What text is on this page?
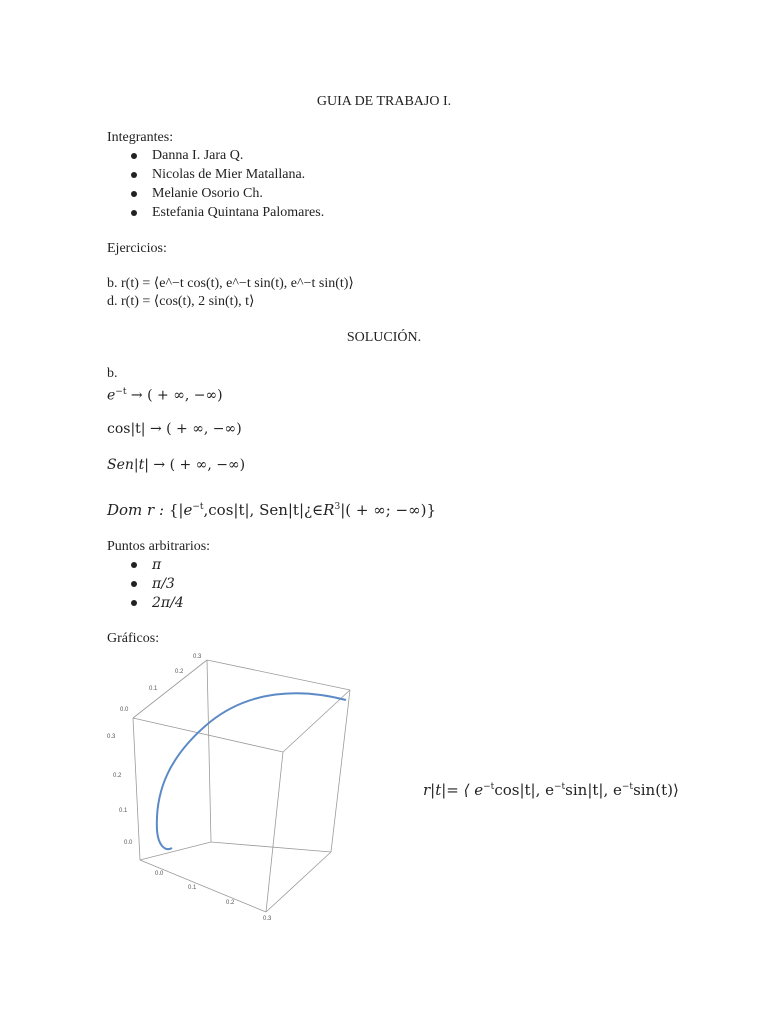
GUIA DE TRABAJO I.
Integrantes:
Danna I. Jara Q.
Nicolas de Mier Matallana.
Melanie Osorio Ch.
Estefania Quintana Palomares.
Ejercicios:
b. r(t) = ⟨e^−t cos(t), e^−t sin(t), e^−t sin(t)⟩
d. r(t) = ⟨cos(t), 2 sin(t), t⟩
SOLUCIÓN.
b.
$e^{-t}$ → ( + ∞, −∞)
cos|t| → ( + ∞, −∞)
Sen|t| → ( + ∞, −∞)
Dom r : {$|e^{-t},\cos|t|$, $Sen|t|¿\in R^3|$( + ∞; −∞)}
Puntos arbitrarios:
π
π/3
2π/4
Gráficos:
0.3
0.2
0.1
0.0
0.3
0.2
0.1
0.0
0.0
0.1
0.2
0.3
r|t|= ⟨ $e^{-t}\cos|t|$, $e^{-t}\sin|t|$, $e^{-t}\sin(t)⟩$
